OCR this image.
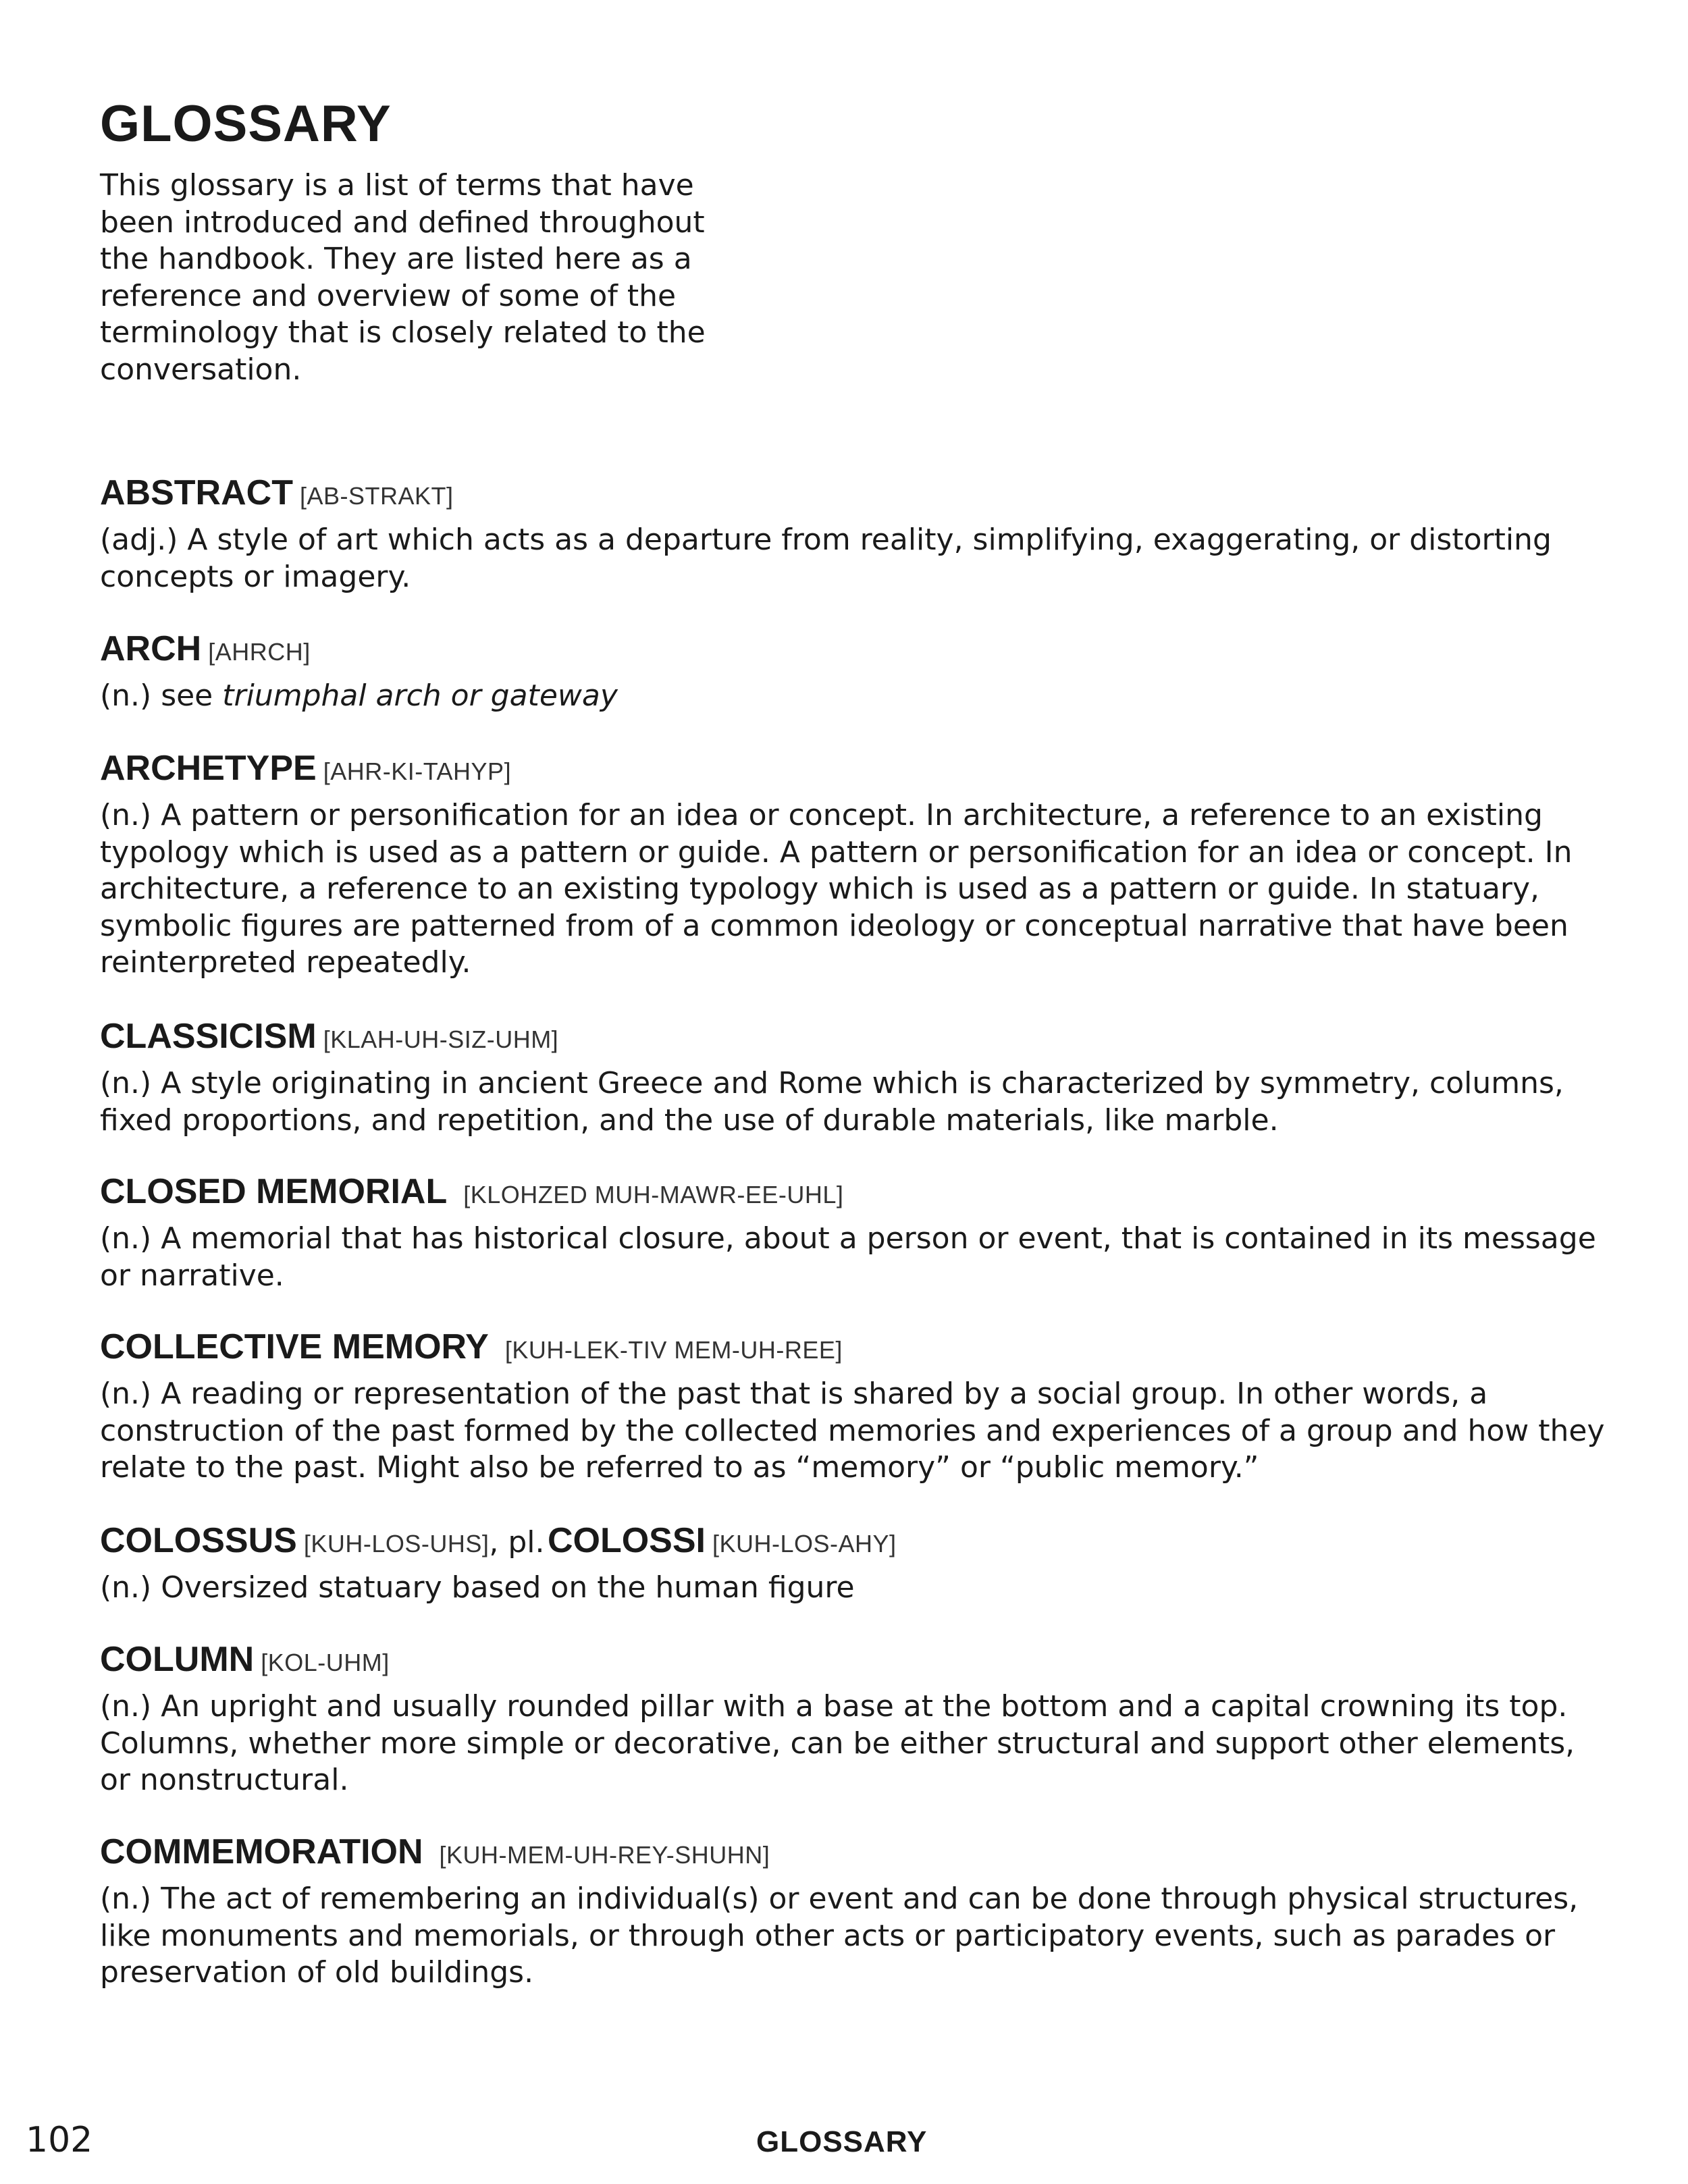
GLOSSARY

This glossary is a list of terms that have been introduced and defined throughout the handbook. They are listed here as a reference and overview of some of the terminology that is closely related to the conversation.

ABSTRACT [AB-STRAKT]

(adj.) A style of art which acts as a departure from reality, simplifying, exaggerating, or distorting concepts or imagery.

ARCH [AHRCH]

(n.) see triumphal arch or gateway

ARCHETYPE [AHR-KI-TAHYP]

(n.) A pattern or personification for an idea or concept. In architecture, a reference to an existing typology which is used as a pattern or guide. A pattern or personification for an idea or concept. In architecture, a reference to an existing typology which is used as a pattern or guide. In statuary, symbolic figures are patterned from of a common ideology or conceptual narrative that have been reinterpreted repeatedly.

CLASSICISM [KLAH-UH-SIZ-UHM]

(n.) A style originating in ancient Greece and Rome which is characterized by symmetry, columns, fixed proportions, and repetition, and the use of durable materials, like marble.

CLOSED MEMORIAL [KLOHZED MUH-MAWR-EE-UHL]

(n.) A memorial that has historical closure, about a person or event, that is contained in its message or narrative.

COLLECTIVE MEMORY [KUH-LEK-TIV MEM-UH-REE]

(n.) A reading or representation of the past that is shared by a social group. In other words, a construction of the past formed by the collected memories and experiences of a group and how they relate to the past. Might also be referred to as “memory” or “public memory.”

COLOSSUS [KUH-LOS-UHS], pl. COLOSSI [KUH-LOS-AHY]

(n.) Oversized statuary based on the human figure

COLUMN [KOL-UHM]

(n.) An upright and usually rounded pillar with a base at the bottom and a capital crowning its top. Columns, whether more simple or decorative, can be either structural and support other elements, or nonstructural.

COMMEMORATION [KUH-MEM-UH-REY-SHUHN]

(n.) The act of remembering an individual(s) or event and can be done through physical structures, like monuments and memorials, or through other acts or participatory events, such as parades or preservation of old buildings.

102	GLOSSARY
